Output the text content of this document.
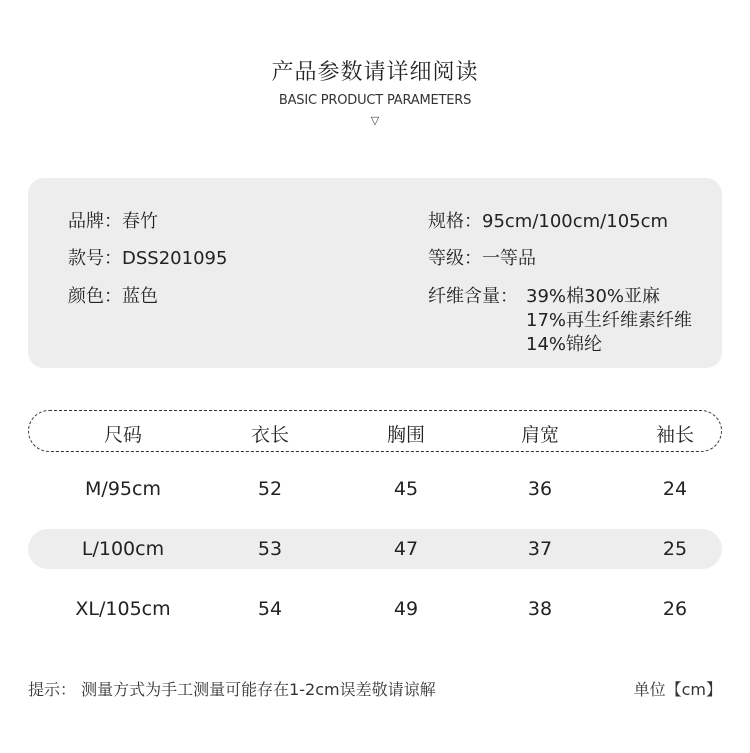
产品参数请详细阅读
BASIC PRODUCT PARAMETERS
▽
品牌：春竹
款号：DSS201095
颜色：蓝色
规格：95cm/100cm/105cm
等级：一等品
纤维含量： 39%棉30%亚麻
17%再生纤维素纤维
14%锦纶
尺码	衣长	胸围	肩宽	袖长
M/95cm	52	45	36	24
L/100cm	53	47	37	25
XL/105cm	54	49	38	26
提示： 测量方式为手工测量可能存在1-2cm误差敬请谅解	单位【cm】
